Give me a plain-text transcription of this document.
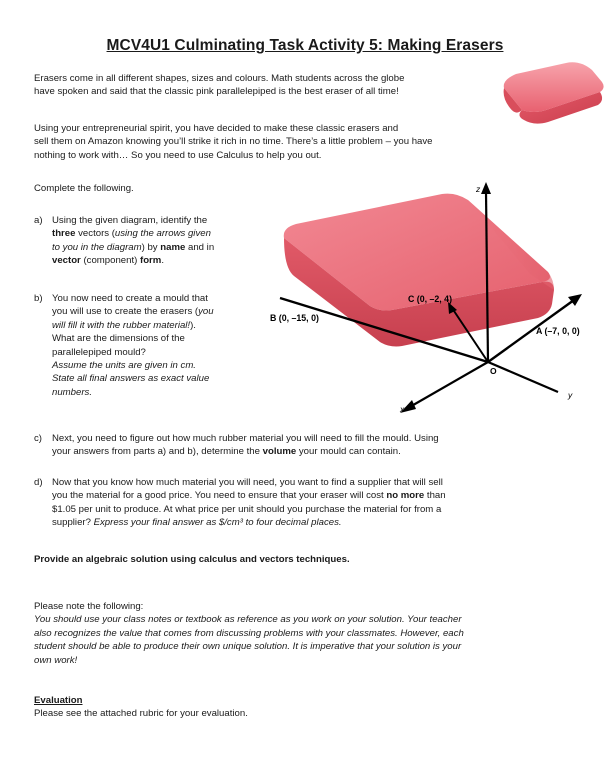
MCV4U1 Culminating Task Activity 5: Making Erasers
Erasers come in all different shapes, sizes and colours. Math students across the globe
have spoken and said that the classic pink parallelepiped is the best eraser of all time!
Using your entrepreneurial spirit, you have decided to make these classic erasers and
sell them on Amazon knowing you’ll strike it rich in no time. There’s a little problem – you have
nothing to work with… So you need to use Calculus to help you out.
Complete the following.	z
x
y
B (0, –15, 0)
C (0, –2, 4)
A (–7, 0, 0)
O
a) Using the given diagram, identify the
three vectors (using the arrows given
to you in the diagram) by name and in
vector (component) form.
b) You now need to create a mould that
you will use to create the erasers (you
will fill it with the rubber material!).
What are the dimensions of the
parallelepiped mould?
Assume the units are given in cm.
State all final answers as exact value
numbers.
c) Next, you need to figure out how much rubber material you will need to fill the mould. Using
your answers from parts a) and b), determine the volume your mould can contain.
d) Now that you know how much material you will need, you want to find a supplier that will sell
you the material for a good price. You need to ensure that your eraser will cost no more than
$1.05 per unit to produce. At what price per unit should you purchase the material for from a
supplier? Express your final answer as $/cm³ to four decimal places.
Provide an algebraic solution using calculus and vectors techniques.
Please note the following:
You should use your class notes or textbook as reference as you work on your solution. Your teacher
also recognizes the value that comes from discussing problems with your classmates. However, each
student should be able to produce their own unique solution. It is imperative that your solution is your
own work!
Evaluation
Please see the attached rubric for your evaluation.
